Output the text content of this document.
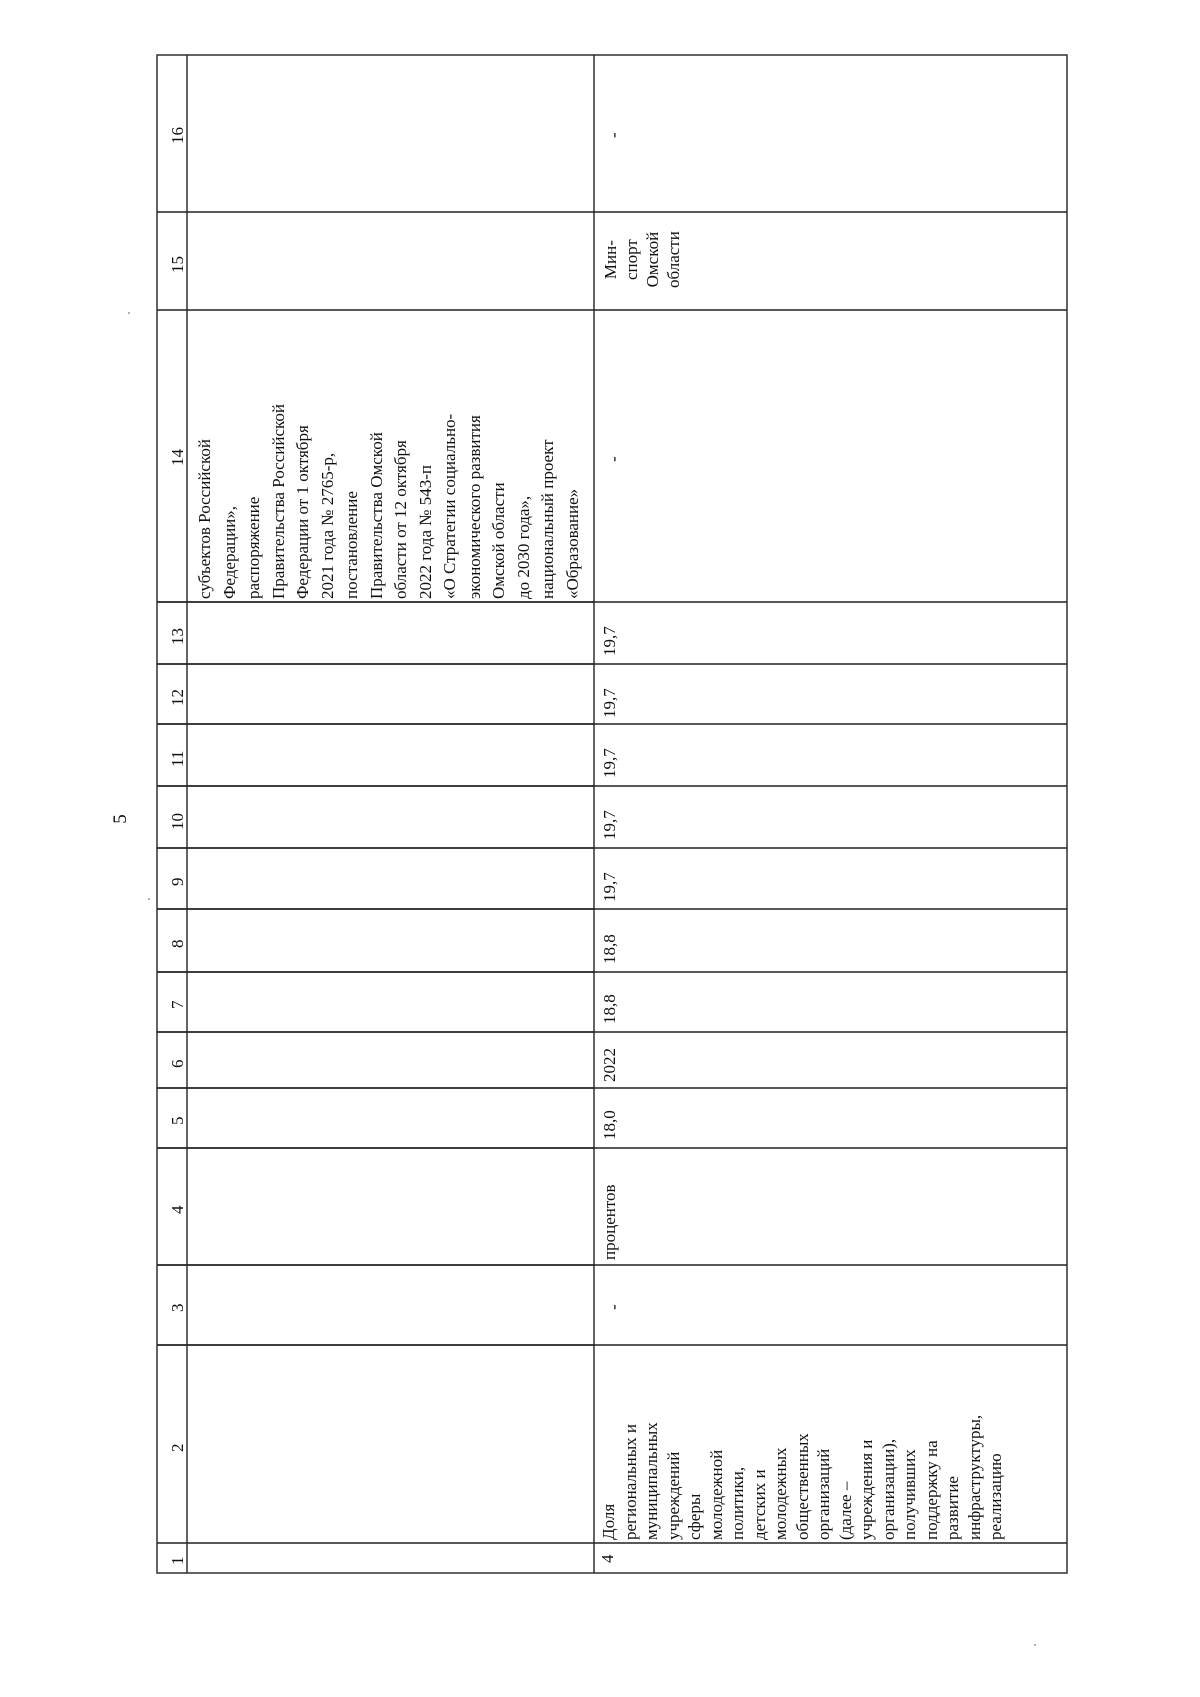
5
1
2
3
4
5
6
7
8
9
10
11
12
13
14
15
16
субъектов Российской Федерации», распоряжение Правительства Российской Федерации от 1 октября 2021 года № 2765-р, постановление Правительства Омской области от 12 октября 2022 года № 543-п «О Стратегии социально- экономического развития Омской области до 2030 года», национальный проект «Образование»
4
Доля региональных и муниципальных учреждений сферы молодежной политики, детских и молодежных общественных организаций (далее – учреждения и организации), получивших поддержку на развитие инфраструктуры, реализацию
-
процентов
18,0
2022
18,8
18,8
19,7
19,7
19,7
19,7
19,7
-
Мин- спорт Омской области
-
